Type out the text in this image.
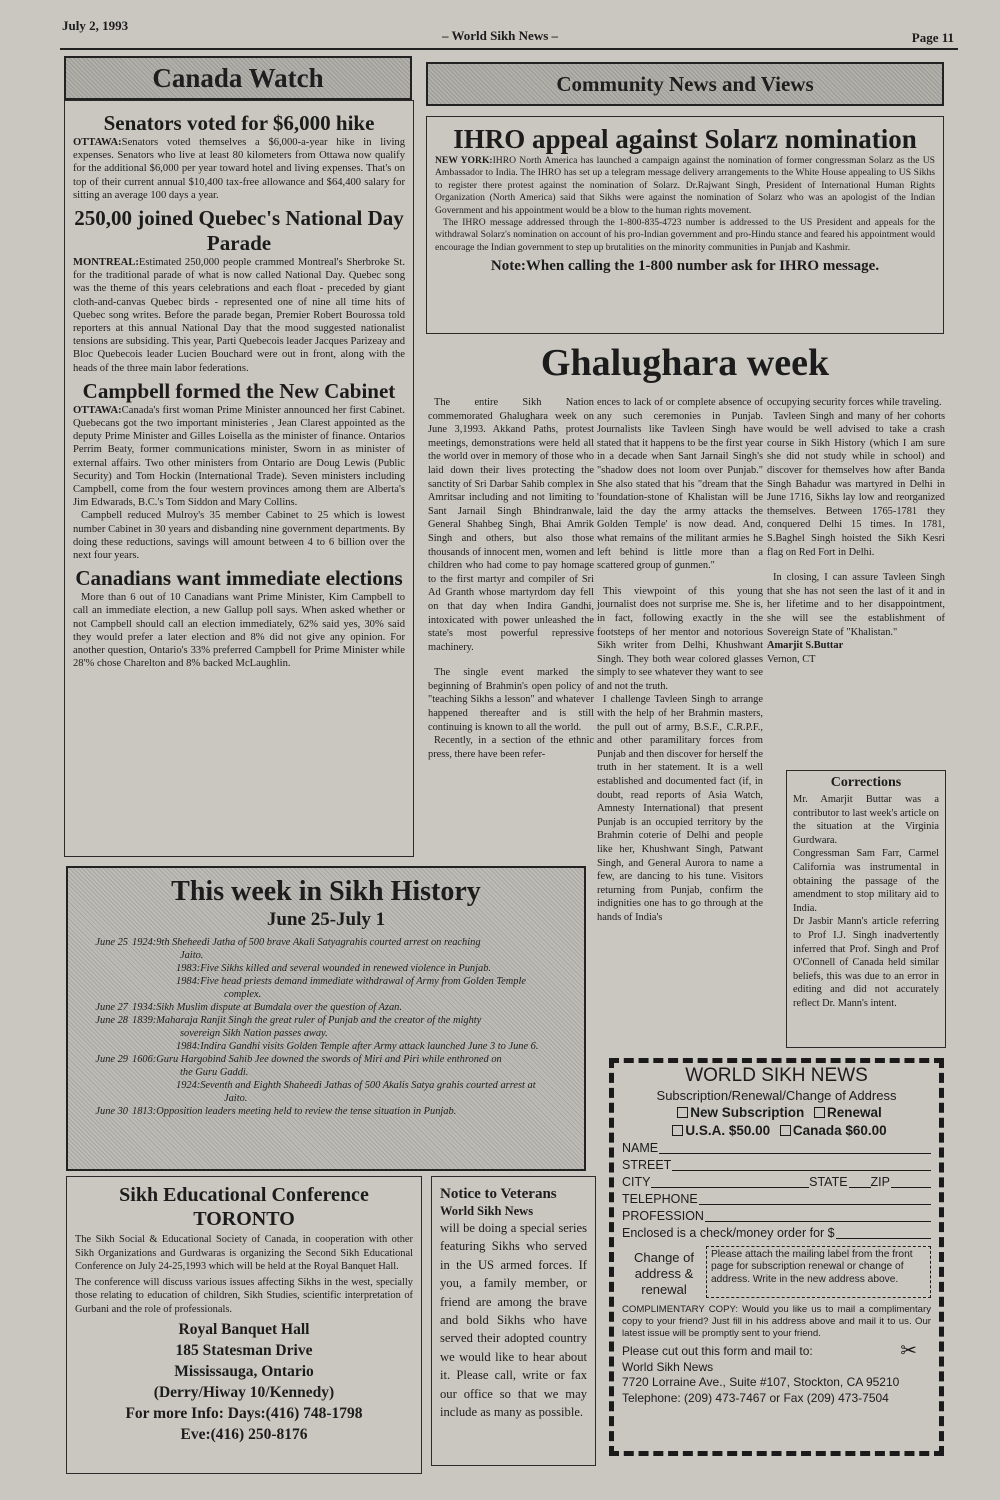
July 2, 1993
– World Sikh News –	Page 11
Canada Watch	Community News and Views
Senators voted for $6,000 hike

OTTAWA:Senators voted themselves a $6,000-a-year hike in living expenses. Senators who live at least 80 kilometers from Ottawa now qualify for the additional $6,000 per year toward hotel and living expenses. That's on top of their current annual $10,400 tax-free allowance and $64,400 salary for sitting an average 100 days a year.

250,00 joined Quebec's National Day Parade

MONTREAL:Estimated 250,000 people crammed Montreal's Sherbroke St. for the traditional parade of what is now called National Day. Quebec song was the theme of this years celebrations and each float - preceded by giant cloth-and-canvas Quebec birds - represented one of nine all time hits of Quebec song writes. Before the parade began, Premier Robert Bourossa told reporters at this annual National Day that the mood suggested nationalist tensions are subsiding. This year, Parti Quebecois leader Jacques Parizeay and Bloc Quebecois leader Lucien Bouchard were out in front, along with the heads of the three main labor federations.

Campbell formed the New Cabinet

OTTAWA:Canada's first woman Prime Minister announced her first Cabinet. Quebecans got the two important ministeries , Jean Clarest appointed as the deputy Prime Minister and Gilles Loisella as the minister of finance. Ontarios Perrim Beaty, former communications minister, Sworn in as minister of external affairs. Two other ministers from Ontario are Doug Lewis (Public Security) and Tom Hockin (International Trade). Seven ministers including Campbell, come from the four western provinces among them are Alberta's Jim Edwarads, B.C.'s Tom Siddon and Mary Collins.

Campbell reduced Mulroy's 35 member Cabinet to 25 which is lowest number Cabinet in 30 years and disbanding nine government departments. By doing these reductions, savings will amount between 4 to 6 billion over the next four years.

Canadians want immediate elections

More than 6 out of 10 Canadians want Prime Minister, Kim Campbell to call an immediate election, a new Gallup poll says. When asked whether or not Campbell should call an election immediately, 62% said yes, 30% said they would prefer a later election and 8% did not give any opinion. For another question, Ontario's 33% preferred Campbell for Prime Minister while 28'% chose Charelton and 8% backed McLaughlin.

IHRO appeal against Solarz nomination

NEW YORK:IHRO North America has launched a campaign against the nomination of former congressman Solarz as the US Ambassador to India. The IHRO has set up a telegram message delivery arrangements to the White House appealing to US Sikhs to register there protest against the nomination of Solarz. Dr.Rajwant Singh, President of International Human Rights Organization (North America) said that Sikhs were against the nomination of Solarz who was an apologist of the Indian Government and his appointment would be a blow to the human rights movement.

The IHRO message addressed through the 1-800-835-4723 number is addressed to the US President and appeals for the withdrawal Solarz's nomination on account of his pro-Indian government and pro-Hindu stance and feared his appointment would encourage the Indian government to step up brutalities on the minority communities in Punjab and Kashmir.

Note:When calling the 1-800 number ask for IHRO message.
Ghalughara week

The entire Sikh Nation commemorated Ghalughara week on June 3,1993. Akkand Paths, protest meetings, demonstrations were held all the world over in memory of those who laid down their lives protecting the sanctity of Sri Darbar Sahib complex in Amritsar including and not limiting to Sant Jarnail Singh Bhindranwale, General Shahbeg Singh, Bhai Amrik Singh and others, but also those thousands of innocent men, women and children who had come to pay homage to the first martyr and compiler of Sri Ad Granth whose martyrdom day fell on that day when Indira Gandhi, intoxicated with power unleashed the state's most powerful repressive machinery.

The single event marked the beginning of Brahmin's open policy of "teaching Sikhs a lesson" and whatever happened thereafter and is still continuing is known to all the world.

Recently, in a section of the ethnic press, there have been refer-

ences to lack of or complete absence of any such ceremonies in Punjab. Journalists like Tavleen Singh have stated that it happens to be the first year in a decade when Sant Jarnail Singh's "shadow does not loom over Punjab." She also stated that his "dream that the 'foundation-stone of Khalistan will be laid the day the army attacks the Golden Temple' is now dead. And, what remains of the militant armies he left behind is little more than a scattered group of gunmen."

This viewpoint of this young journalist does not surprise me. She is, in fact, following exactly in the footsteps of her mentor and notorious Sikh writer from Delhi, Khushwant Singh. They both wear colored glasses simply to see whatever they want to see and not the truth.

I challenge Tavleen Singh to arrange with the help of her Brahmin masters, the pull out of army, B.S.F., C.R.P.F., and other paramilitary forces from Punjab and then discover for herself the truth in her statement. It is a well established and documented fact (if, in doubt, read reports of Asia Watch, Amnesty International) that present Punjab is an occupied territory by the Brahmin coterie of Delhi and people like her, Khushwant Singh, Patwant Singh, and General Aurora to name a few, are dancing to his tune. Visitors returning from Punjab, confirm the indignities one has to go through at the hands of India's

occupying security forces while traveling.

Tavleen Singh and many of her cohorts would be well advised to take a crash course in Sikh History (which I am sure she did not study while in school) and discover for themselves how after Banda Singh Bahadur was martyred in Delhi in June 1716, Sikhs lay low and reorganized themselves. Between 1765-1781 they conquered Delhi 15 times. In 1781, S.Baghel Singh hoisted the Sikh Kesri flag on Red Fort in Delhi.

In closing, I can assure Tavleen Singh that she has not seen the last of it and in her lifetime and to her disappointment, she will see the establishment of Sovereign State of "Khalistan."

Amarjit S.Buttar

Vernon, CT

Corrections

Mr. Amarjit Buttar was a contributor to last week's article on the situation at the Virginia Gurdwara.

Congressman Sam Farr, Carmel California was instrumental in obtaining the passage of the amendment to stop military aid to India.

Dr Jasbir Mann's article referring to Prof I.J. Singh inadvertently inferred that Prof. Singh and Prof O'Connell of Canada held similar beliefs, this was due to an error in editing and did not accurately reflect Dr. Mann's intent.

This week in Sikh History
June 25-July 1
June 25 1924:9th Sheheedi Jatha of 500 brave Akali Satyagrahis courted arrest on reaching
Jaito.
1983:Five Sikhs killed and several wounded in renewed violence in Punjab.
1984:Five head priests demand immediate withdrawal of Army from Golden Temple
complex.
June 27 1934:Sikh Muslim dispute at Bumdala over the question of Azan.
June 28 1839:Maharaja Ranjit Singh the great ruler of Punjab and the creator of the mighty
sovereign Sikh Nation passes away.
1984:Indira Gandhi visits Golden Temple after Army attack launched June 3 to June 6.
June 29 1606:Guru Hargobind Sahib Jee downed the swords of Miri and Piri while enthroned on
the Guru Gaddi.
1924:Seventh and Eighth Shaheedi Jathas of 500 Akalis Satya grahis courted arrest at
Jaito.
June 30 1813:Opposition leaders meeting held to review the tense situation in Punjab.
Sikh Educational Conference
TORONTO

The Sikh Social & Educational Society of Canada, in cooperation with other Sikh Organizations and Gurdwaras is organizing the Second Sikh Educational Conference on July 24-25,1993 which will be held at the Royal Banquet Hall.

The conference will discuss various issues affecting Sikhs in the west, specially those relating to education of children, Sikh Studies, scientific interpretation of Gurbani and the role of professionals.

Royal Banquet Hall
185 Statesman Drive
Mississauga, Ontario
(Derry/Hiway 10/Kennedy)
For more Info: Days:(416) 748-1798
Eve:(416) 250-8176
Notice to Veterans
World Sikh News
will be doing a special series featuring Sikhs who served in the US armed forces. If you, a family member, or friend are among the brave and bold Sikhs who have served their adopted country we would like to hear about it. Please call, write or fax our office so that we may include as many as possible.
WORLD SIKH NEWS
Subscription/Renewal/Change of Address
New Subscription Renewal
U.S.A. $50.00 Canada $60.00
NAME
STREET
CITY	STATE ZIP
TELEPHONE
PROFESSION
Enclosed is a check/money order for $
Change of address & renewal
Please attach the mailing label from the front page for subscription renewal or change of address. Write in the new address above.
COMPLIMENTARY COPY: Would you like us to mail a complimentary copy to your friend? Just fill in his address above and mail it to us. Our latest issue will be promptly sent to your friend.
✂
Please cut out this form and mail to:
World Sikh News
7720 Lorraine Ave., Suite #107, Stockton, CA 95210
Telephone: (209) 473-7467 or Fax (209) 473-7504
